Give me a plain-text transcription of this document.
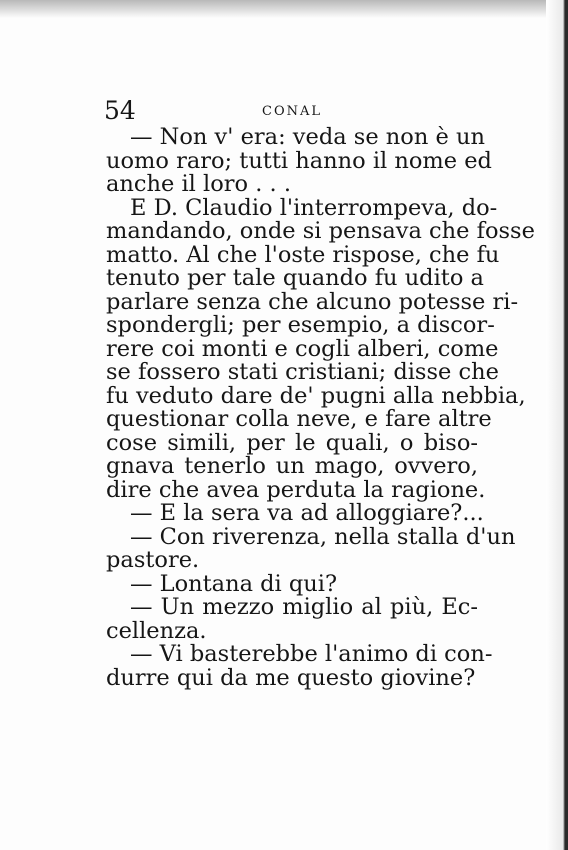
54	CONAL
— Non v' era: veda se non è un
uomo raro; tutti hanno il nome ed
anche il loro . . .
E D. Claudio l'interrompeva, do-
mandando, onde si pensava che fosse
matto. Al che l'oste rispose, che fu
tenuto per tale quando fu udito a
parlare senza che alcuno potesse ri-
spondergli; per esempio, a discor-
rere coi monti e cogli alberi, come
se fossero stati cristiani; disse che
fu veduto dare de' pugni alla nebbia,
questionar colla neve, e fare altre
cose simili, per le quali, o biso-
gnava tenerlo un mago, ovvero,
dire che avea perduta la ragione.
— E la sera va ad alloggiare?...
— Con riverenza, nella stalla d'un
pastore.
— Lontana di qui?
— Un mezzo miglio al più, Ec-
cellenza.
— Vi basterebbe l'animo di con-
durre qui da me questo giovine?
